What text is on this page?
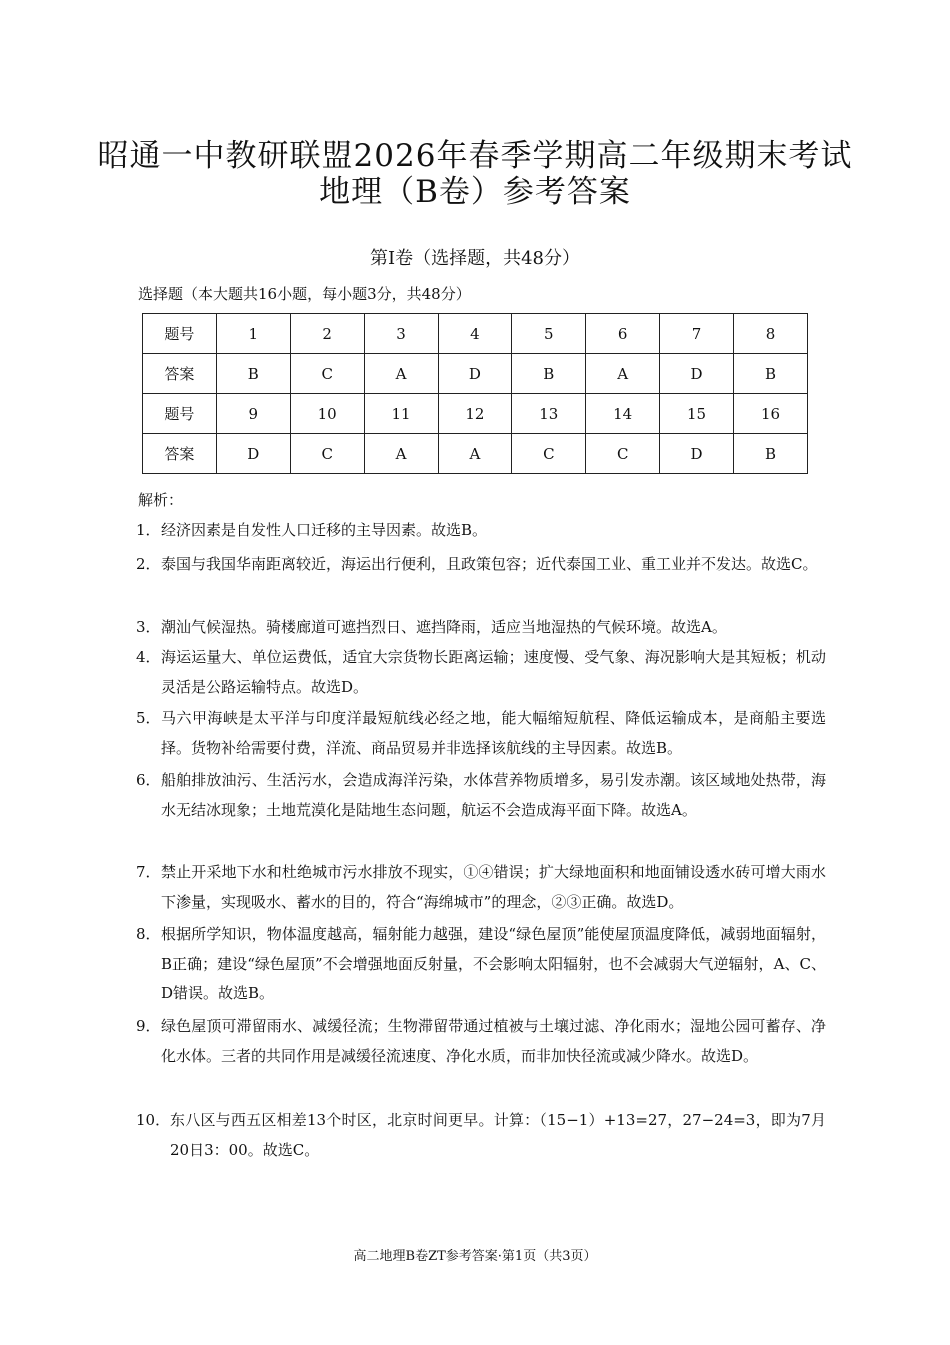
昭通一中教研联盟2026年春季学期高二年级期末考试
地理（B卷）参考答案
第Ⅰ卷（选择题，共48分）
选择题（本大题共16小题，每小题3分，共48分）
题号	1	2	3	4	5	6	7	8
答案	B	C	A	D	B	A	D	B
题号	9	10	11	12	13	14	15	16
答案	D	C	A	A	C	C	D	B
解析：
1． 经济因素是自发性人口迁移的主导因素。故选B。
2． 泰国与我国华南距离较近，海运出行便利，且政策包容；近代泰国工业、重工业并不发达。故选C。
3． 潮汕气候湿热。骑楼廊道可遮挡烈日、遮挡降雨，适应当地湿热的气候环境。故选A。
4． 海运运量大、单位运费低，适宜大宗货物长距离运输；速度慢、受气象、海况影响大是其短板；机动灵活是公路运输特点。故选D。
5． 马六甲海峡是太平洋与印度洋最短航线必经之地，能大幅缩短航程、降低运输成本，是商船主要选择。货物补给需要付费，洋流、商品贸易并非选择该航线的主导因素。故选B。
6． 船舶排放油污、生活污水，会造成海洋污染，水体营养物质增多，易引发赤潮。该区域地处热带，海水无结冰现象；土地荒漠化是陆地生态问题，航运不会造成海平面下降。故选A。
7． 禁止开采地下水和杜绝城市污水排放不现实，①④错误；扩大绿地面积和地面铺设透水砖可增大雨水下渗量，实现吸水、蓄水的目的，符合“海绵城市”的理念，②③正确。故选D。
8． 根据所学知识，物体温度越高，辐射能力越强，建设“绿色屋顶”能使屋顶温度降低，减弱地面辐射，B正确；建设“绿色屋顶”不会增强地面反射量，不会影响太阳辐射，也不会减弱大气逆辐射，A、C、D错误。故选B。
9． 绿色屋顶可滞留雨水、减缓径流；生物滞留带通过植被与土壤过滤、净化雨水；湿地公园可蓄存、净化水体。三者的共同作用是减缓径流速度、净化水质，而非加快径流或减少降水。故选D。
10． 东八区与西五区相差13个时区，北京时间更早。计算：（15−1）+13=27，27−24=3，即为7月20日3：00。故选C。
高二地理B卷ZT参考答案·第1页（共3页）
